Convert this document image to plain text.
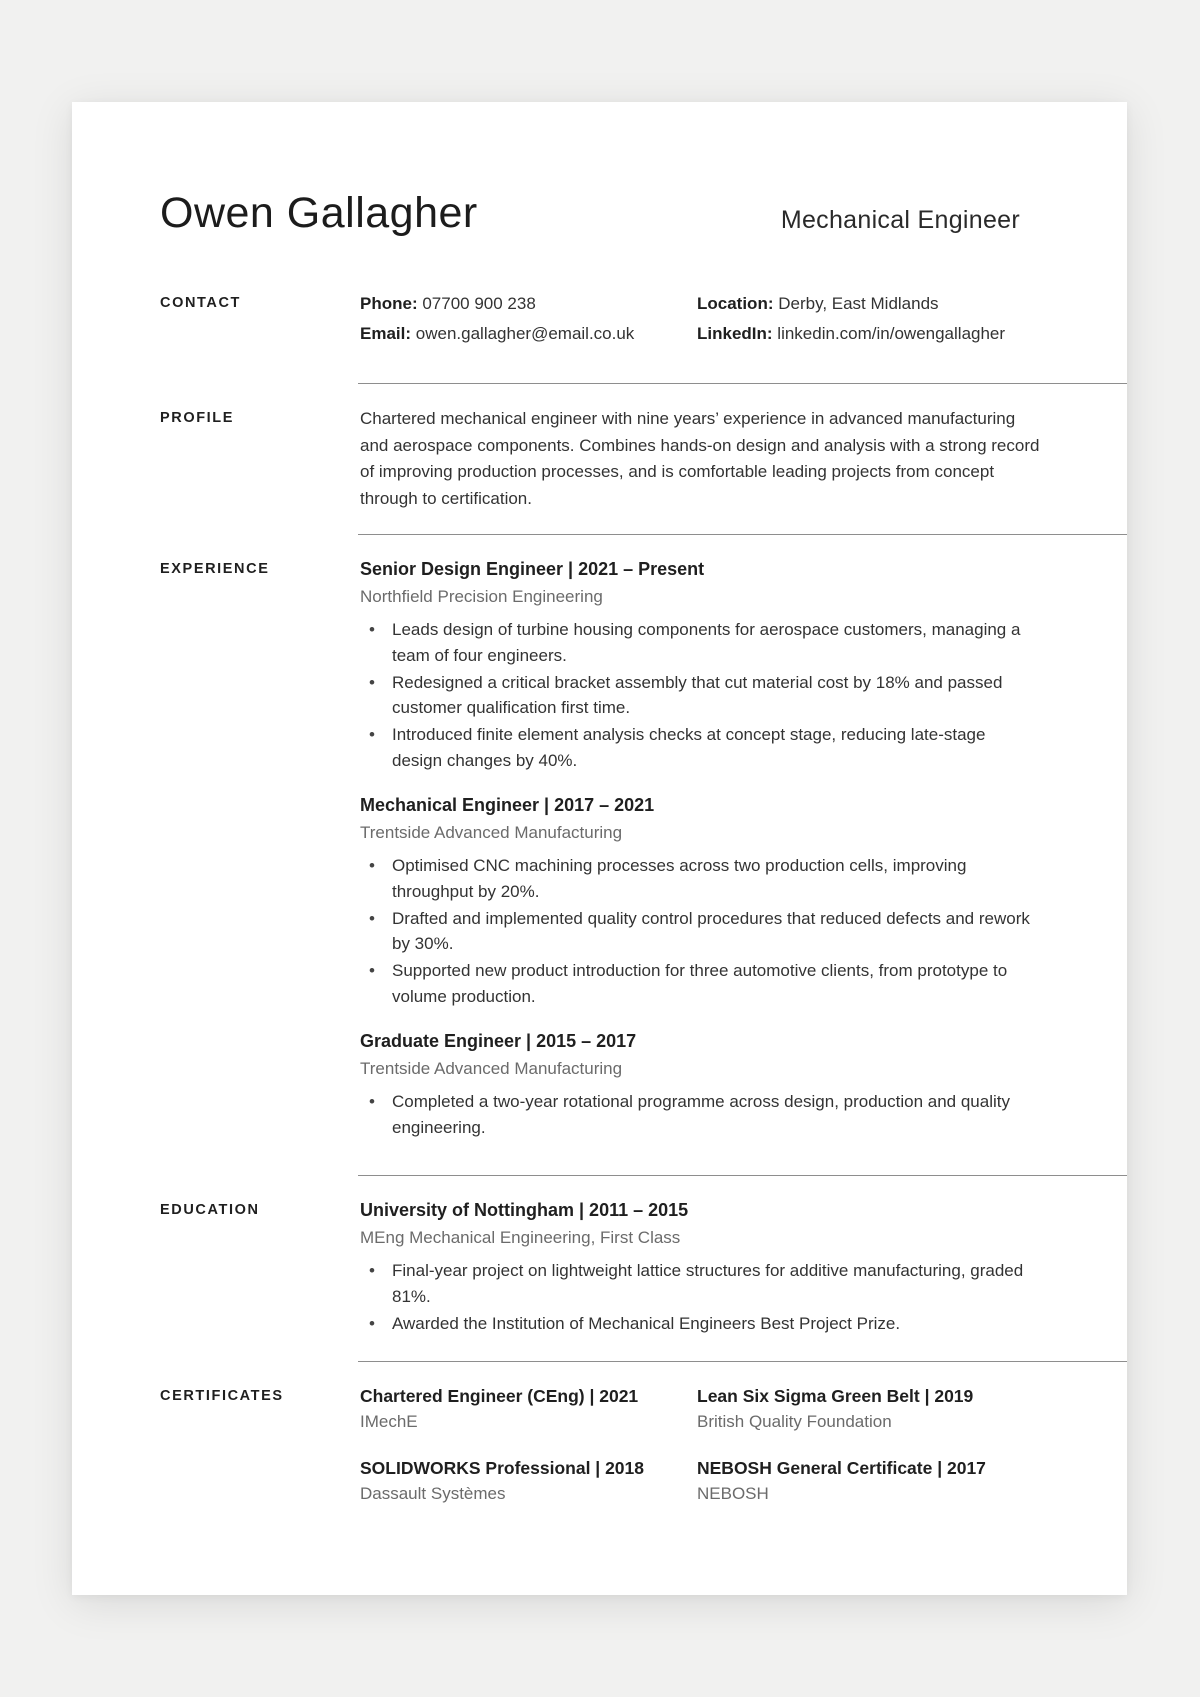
Owen Gallagher	Mechanical Engineer
CONTACT	Phone: 07700 900 238	Location: Derby, East Midlands
Email: owen.gallagher@email.co.uk	LinkedIn: linkedin.com/in/owengallagher
PROFILE	Chartered mechanical engineer with nine years’ experience in advanced manufacturing and aerospace components. Combines hands-on design and analysis with a strong record of improving production processes, and is comfortable leading projects from concept through to certification.

EXPERIENCE	Senior Design Engineer | 2021 – Present
Northfield Precision Engineering
• Leads design of turbine housing components for aerospace customers, managing a team of four engineers.
• Redesigned a critical bracket assembly that cut material cost by 18% and passed customer qualification first time.
• Introduced finite element analysis checks at concept stage, reducing late-stage design changes by 40%.
Mechanical Engineer | 2017 – 2021
Trentside Advanced Manufacturing
• Optimised CNC machining processes across two production cells, improving throughput by 20%.
• Drafted and implemented quality control procedures that reduced defects and rework by 30%.
• Supported new product introduction for three automotive clients, from prototype to volume production.
Graduate Engineer | 2015 – 2017
Trentside Advanced Manufacturing
• Completed a two-year rotational programme across design, production and quality engineering.
EDUCATION	University of Nottingham | 2011 – 2015
MEng Mechanical Engineering, First Class
• Final-year project on lightweight lattice structures for additive manufacturing, graded 81%.
• Awarded the Institution of Mechanical Engineers Best Project Prize.
CERTIFICATES	Chartered Engineer (CEng) | 2021
IMechE
Lean Six Sigma Green Belt | 2019
British Quality Foundation
SOLIDWORKS Professional | 2018
Dassault Systèmes
NEBOSH General Certificate | 2017
NEBOSH
